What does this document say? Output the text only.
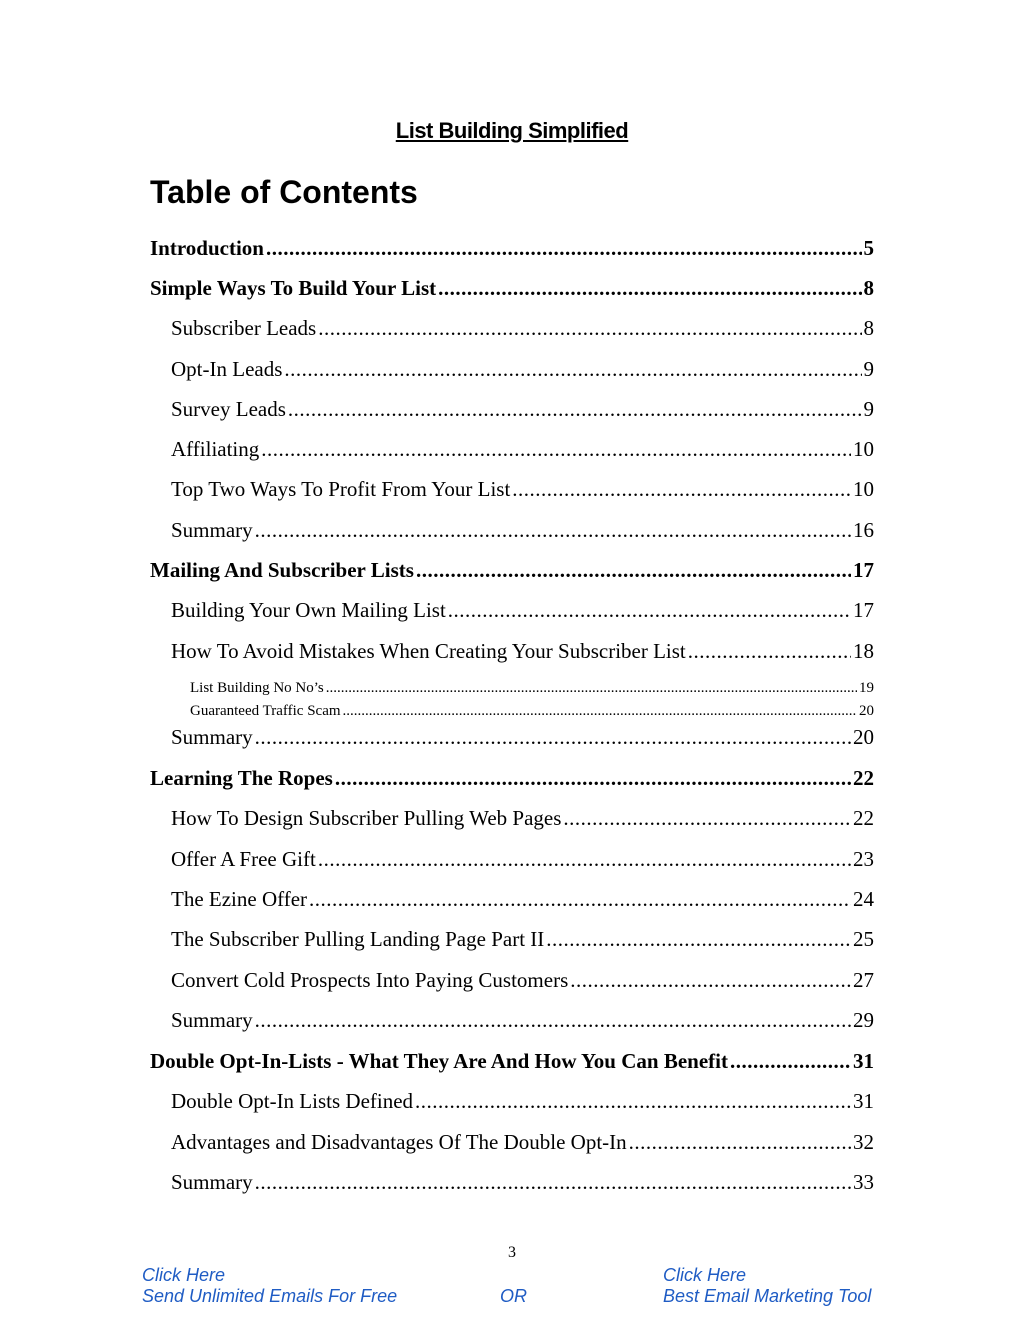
List Building Simplified
Table of Contents
Introduction .....	5
Simple Ways To Build Your List .....	8
Subscriber Leads .....	8
Opt-In Leads .....	9
Survey Leads .....	9
Affiliating .....	10
Top Two Ways To Profit From Your List .....	10
Summary .....	16
Mailing And Subscriber Lists .....	17
Building Your Own Mailing List .....	17
How To Avoid Mistakes When Creating Your Subscriber List .....	18
List Building No No’s .....	19
Guaranteed Traffic Scam .....	20
Summary .....	20
Learning The Ropes .....	22
How To Design Subscriber Pulling Web Pages .....	22
Offer A Free Gift .....	23
The Ezine Offer .....	24
The Subscriber Pulling Landing Page Part II .....	25
Convert Cold Prospects Into Paying Customers .....	27
Summary .....	29
Double Opt-In-Lists - What They Are And How You Can Benefit .....	31
Double Opt-In Lists Defined .....	31
Advantages and Disadvantages Of The Double Opt-In .....	32
Summary .....	33
3
Click Here
Send Unlimited Emails For Free	OR
Click Here
Best Email Marketing Tool
